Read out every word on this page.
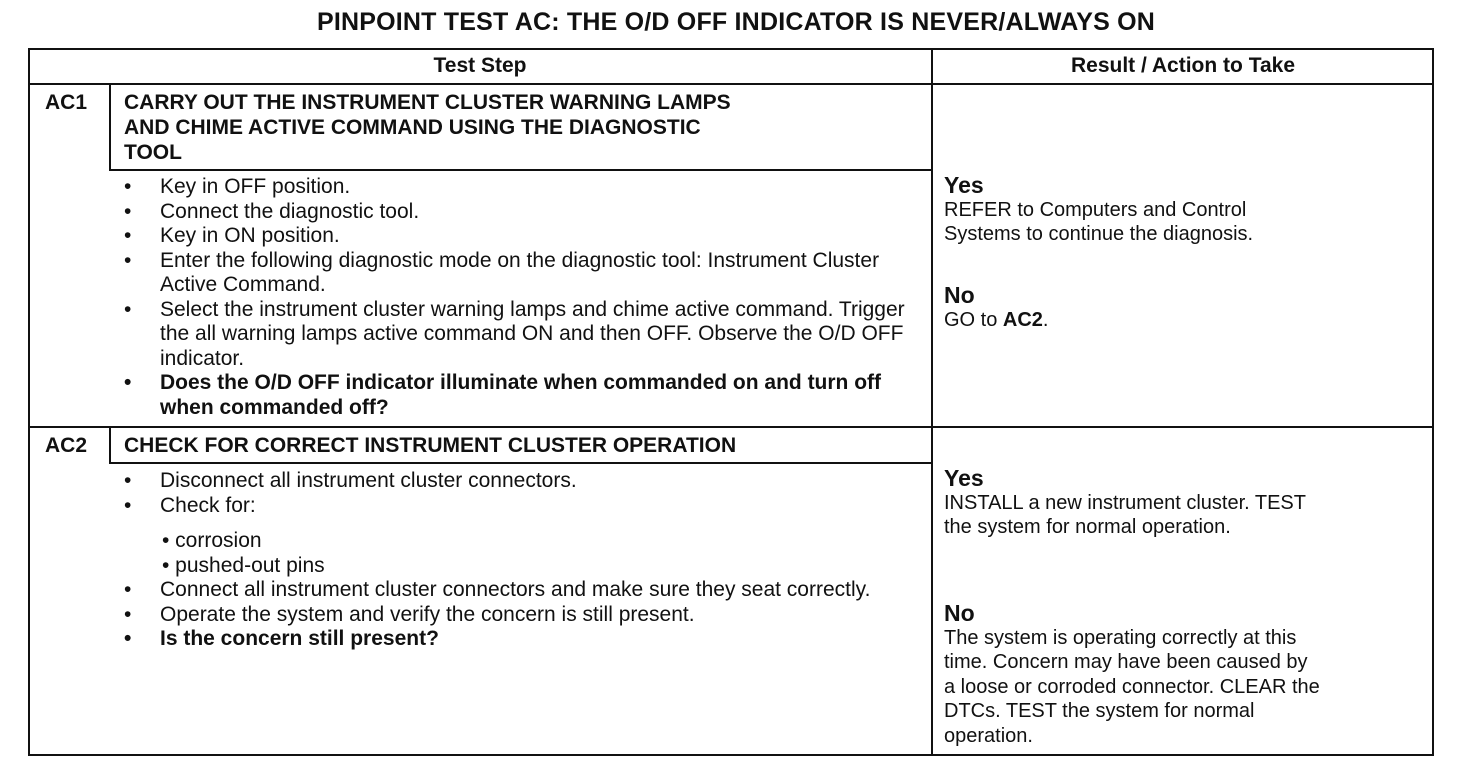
PINPOINT TEST AC: THE O/D OFF INDICATOR IS NEVER/ALWAYS ON
Test Step	Result / Action to Take
AC1 CARRY OUT THE INSTRUMENT CLUSTER WARNING LAMPS
AND CHIME ACTIVE COMMAND USING THE DIAGNOSTIC
TOOL
• Key in OFF position.
• Connect the diagnostic tool.
• Key in ON position.
• Enter the following diagnostic mode on the diagnostic tool: Instrument Cluster Active Command.
• Select the instrument cluster warning lamps and chime active command. Trigger the all warning lamps active command ON and then OFF. Observe the O/D OFF indicator.
• Does the O/D OFF indicator illuminate when commanded on and turn off when commanded off?
Yes
REFER to Computers and Control
Systems to continue the diagnosis.
No
GO to AC2.
AC2 CHECK FOR CORRECT INSTRUMENT CLUSTER OPERATION
• Disconnect all instrument cluster connectors.
• Check for:
• corrosion
• pushed-out pins
• Connect all instrument cluster connectors and make sure they seat correctly.
• Operate the system and verify the concern is still present.
• Is the concern still present?
Yes
INSTALL a new instrument cluster. TEST
the system for normal operation.
No
The system is operating correctly at this
time. Concern may have been caused by
a loose or corroded connector. CLEAR the
DTCs. TEST the system for normal
operation.
